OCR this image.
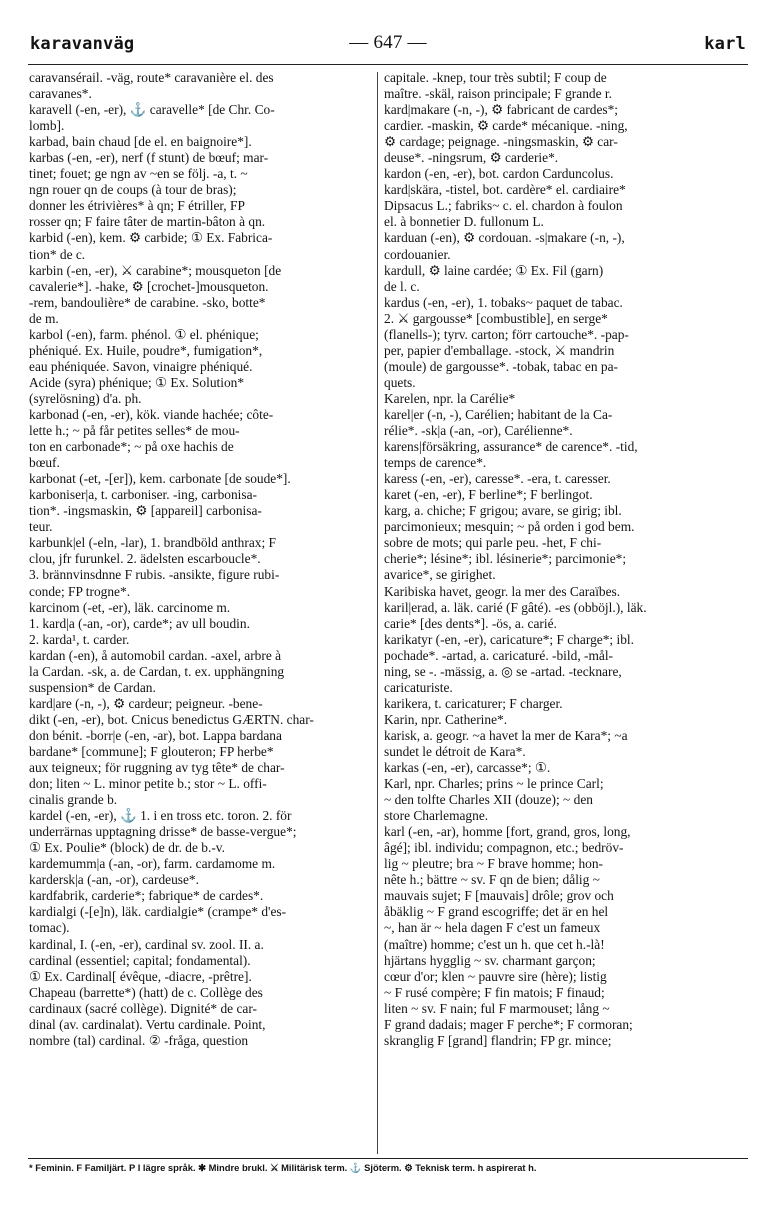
karavanväg	— 647 —	karl

caravansérail. -väg, route* caravanière el. des

caravanes*.

karavell (-en, -er), ⚓ caravelle* [de Chr. Co-

lomb].

karbad, bain chaud [de el. en baignoire*].

karbas (-en, -er), nerf (f stunt) de bœuf; mar-

tinet; fouet; ge ngn av ~en se följ. -a, t. ~

ngn rouer qn de coups (à tour de bras);

donner les étrivières* à qn; F étriller, FP

rosser qn; F faire tâter de martin-bâton à qn.

karbid (-en), kem. ⚙ carbide; ① Ex. Fabrica-

tion* de c.

karbin (-en, -er), ⚔ carabine*; mousqueton [de

cavalerie*]. -hake, ⚙ [crochet-]mousqueton.

-rem, bandoulière* de carabine. -sko, botte*

de m.

karbol (-en), farm. phénol. ① el. phénique;

phéniqué. Ex. Huile, poudre*, fumigation*,

eau phéniquée. Savon, vinaigre phéniqué.

Acide (syra) phénique; ① Ex. Solution*

(syrelösning) d'a. ph.

karbonad (-en, -er), kök. viande hachée; côte-

lette h.; ~ på får petites selles* de mou-

ton en carbonade*; ~ på oxe hachis de

bœuf.

karbonat (-et, -[er]), kem. carbonate [de soude*].

karboniser|a, t. carboniser. -ing, carbonisa-

tion*. -ingsmaskin, ⚙ [appareil] carbonisa-

teur.

karbunk|el (-eln, -lar), 1. brandböld anthrax; F

clou, jfr furunkel. 2. ädelsten escarboucle*.

3. brännvinsdnne F rubis. -ansikte, figure rubi-

conde; FP trogne*.

karcinom (-et, -er), läk. carcinome m.

1. kard|a (-an, -or), carde*; av ull boudin.

2. karda¹, t. carder.

kardan (-en), å automobil cardan. -axel, arbre à

la Cardan. -sk, a. de Cardan, t. ex. upphängning

suspension* de Cardan.

kard|are (-n, -), ⚙ cardeur; peigneur. -bene-

dikt (-en, -er), bot. Cnicus benedictus GÆRTN. char-

don bénit. -borr|e (-en, -ar), bot. Lappa bardana

bardane* [commune]; F glouteron; FP herbe*

aux teigneux; för ruggning av tyg tête* de char-

don; liten ~ L. minor petite b.; stor ~ L. offi-

cinalis grande b.

kardel (-en, -er), ⚓ 1. i en tross etc. toron. 2. för

underrärnas upptagning drisse* de basse-vergue*;

① Ex. Poulie* (block) de dr. de b.-v.

kardemumm|a (-an, -or), farm. cardamome m.

kardersk|a (-an, -or), cardeuse*.

kardfabrik, carderie*; fabrique* de cardes*.

kardialgi (-[e]n), läk. cardialgie* (crampe* d'es-

tomac).

kardinal, I. (-en, -er), cardinal sv. zool. II. a.

cardinal (essentiel; capital; fondamental).

① Ex. Cardinal[ évêque, -diacre, -prêtre].

Chapeau (barrette*) (hatt) de c. Collège des

cardinaux (sacré collège). Dignité* de car-

dinal (av. cardinalat). Vertu cardinale. Point,

nombre (tal) cardinal. ② -fråga, question

capitale. -knep, tour très subtil; F coup de

maître. -skäl, raison principale; F grande r.

kard|makare (-n, -), ⚙ fabricant de cardes*;

cardier. -maskin, ⚙ carde* mécanique. -ning,

⚙ cardage; peignage. -ningsmaskin, ⚙ car-

deuse*. -ningsrum, ⚙ carderie*.

kardon (-en, -er), bot. cardon Carduncolus.

kard|skära, -tistel, bot. cardère* el. cardiaire*

Dipsacus L.; fabriks~ c. el. chardon à foulon

el. à bonnetier D. fullonum L.

karduan (-en), ⚙ cordouan. -s|makare (-n, -),

cordouanier.

kardull, ⚙ laine cardée; ① Ex. Fil (garn)

de l. c.

kardus (-en, -er), 1. tobaks~ paquet de tabac.

2. ⚔ gargousse* [combustible], en serge*

(flanells-); tyrv. carton; förr cartouche*. -pap-

per, papier d'emballage. -stock, ⚔ mandrin

(moule) de gargousse*. -tobak, tabac en pa-

quets.

Karelen, npr. la Carélie*

karel|er (-n, -), Carélien; habitant de la Ca-

rélie*. -sk|a (-an, -or), Carélienne*.

karens|försäkring, assurance* de carence*. -tid,

temps de carence*.

karess (-en, -er), caresse*. -era, t. caresser.

karet (-en, -er), F berline*; F berlingot.

karg, a. chiche; F grigou; avare, se girig; ibl.

parcimonieux; mesquin; ~ på orden i god bem.

sobre de mots; qui parle peu. -het, F chi-

cherie*; lésine*; ibl. lésinerie*; parcimonie*;

avarice*, se girighet.

Karibiska havet, geogr. la mer des Caraïbes.

karil|erad, a. läk. carié (F gâté). -es (obböjl.), läk.

carie* [des dents*]. -ös, a. carié.

karikatyr (-en, -er), caricature*; F charge*; ibl.

pochade*. -artad, a. caricaturé. -bild, -mål-

ning, se -. -mässig, a. ◎ se -artad. -tecknare,

caricaturiste.

karikera, t. caricaturer; F charger.

Karin, npr. Catherine*.

karisk, a. geogr. ~a havet la mer de Kara*; ~a

sundet le détroit de Kara*.

karkas (-en, -er), carcasse*; ①.

Karl, npr. Charles; prins ~ le prince Carl;

~ den tolfte Charles XII (douze); ~ den

store Charlemagne.

karl (-en, -ar), homme [fort, grand, gros, long,

âgé]; ibl. individu; compagnon, etc.; bedröv-

lig ~ pleutre; bra ~ F brave homme; hon-

nête h.; bättre ~ sv. F qn de bien; dålig ~

mauvais sujet; F [mauvais] drôle; grov och

åbäklig ~ F grand escogriffe; det är en hel

~, han är ~ hela dagen F c'est un fameux

(maître) homme; c'est un h. que cet h.-là!

hjärtans hygglig ~ sv. charmant garçon;

cœur d'or; klen ~ pauvre sire (hère); listig

~ F rusé compère; F fin matois; F finaud;

liten ~ sv. F nain; ful F marmouset; lång ~

F grand dadais; mager F perche*; F cormoran;

skranglig F [grand] flandrin; FP gr. mince;

* Feminin. F Familjärt. P I lägre språk. ✱ Mindre brukl. ⚔ Militärisk term. ⚓ Sjöterm. ⚙ Teknisk term. h aspirerat h.
